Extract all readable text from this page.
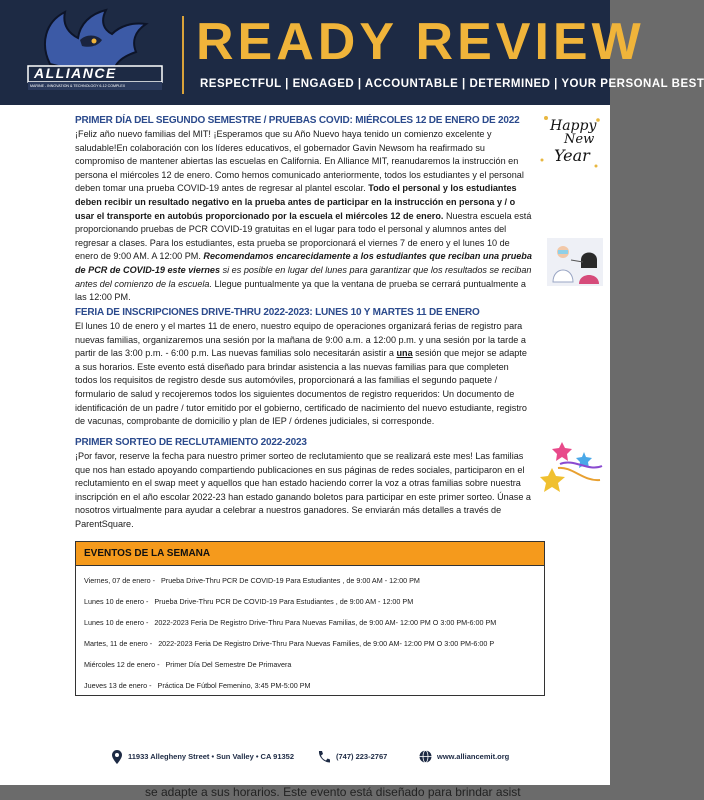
ALLIANCE
MARINE - INNOVATION & TECHNOLOGY 6-12 COMPLEX
READY REVIEW
RESPECTFUL | ENGAGED | ACCOUNTABLE | DETERMINED | YOUR PERSONAL BEST
Happy
New
Year
PRIMER DÍA DEL SEGUNDO SEMESTRE / PRUEBAS COVID: MIÉRCOLES 12 DE ENERO DE 2022
¡Feliz año nuevo familias del MIT! ¡Esperamos que su Año Nuevo haya tenido un comienzo excelente y saludable!En colaboración con los líderes educativos, el gobernador Gavin Newsom ha reafirmado su compromiso de mantener abiertas las escuelas en California. En Alliance MIT, reanudaremos la instrucción en persona el miércoles 12 de enero. Como hemos comunicado anteriormente, todos los estudiantes y el personal deben tomar una prueba COVID-19 antes de regresar al plantel escolar. Todo el personal y los estudiantes deben recibir un resultado negativo en la prueba antes de participar en la instrucción en persona y / o usar el transporte en autobús proporcionado por la escuela el miércoles 12 de enero. Nuestra escuela está proporcionando pruebas de PCR COVID-19 gratuitas en el lugar para todo el personal y alumnos antes del regresar a clases. Para los estudiantes, esta prueba se proporcionará el viernes 7 de enero y el lunes 10 de enero de 9:00 AM. A 12:00 PM. Recomendamos encarecidamente a los estudiantes que reciban una prueba de PCR de COVID-19 este viernes si es posible en lugar del lunes para garantizar que los resultados se reciban antes del comienzo de la escuela. Llegue puntualmente ya que la ventana de prueba se cerrará puntualmente a las 12:00 PM.
FERIA DE INSCRIPCIONES DRIVE-THRU 2022-2023: LUNES 10 Y MARTES 11 DE ENERO
El lunes 10 de enero y el martes 11 de enero, nuestro equipo de operaciones organizará ferias de registro para nuevas familias, organizaremos una sesión por la mañana de 9:00 a.m. a 12:00 p.m. y una sesión por la tarde a partir de las 3:00 p.m. - 6:00 p.m. Las nuevas familias solo necesitarán asistir a una sesión que mejor se adapte a sus horarios. Este evento está diseñado para brindar asistencia a las nuevas familias para que completen todos los requisitos de registro desde sus automóviles, proporcionará a las familias el segundo paquete / formulario de salud y recojeremos todos los siguientes documentos de registro requeridos: Un documento de identificación de un padre / tutor emitido por el gobierno, certificado de nacimiento del nuevo estudiante, registro de vacunas, comprobante de domicilio y plan de IEP / órdenes judiciales, si corresponde.
PRIMER SORTEO DE RECLUTAMIENTO 2022-2023
¡Por favor, reserve la fecha para nuestro primer sorteo de reclutamiento que se realizará este mes! Las familias que nos han estado apoyando compartiendo publicaciones en sus páginas de redes sociales, participaron en el reclutamiento en el swap meet y aquellos que han estado haciendo correr la voz a otras familias sobre nuestra inscripción en el año escolar 2022-23 han estado ganando boletos para participar en este primer sorteo. Únase a nosotros virtualmente para ayudar a celebrar a nuestros ganadores. Se enviarán más detalles a través de ParentSquare.
EVENTOS DE LA SEMANA
Viernes, 07 de enero - Prueba Drive-Thru PCR De COVID-19 Para Estudiantes , de 9:00 AM - 12:00 PM
Lunes 10 de enero - Prueba Drive-Thru PCR De COVID-19 Para Estudiantes , de 9:00 AM - 12:00 PM
Lunes 10 de enero - 2022-2023 Feria De Registro Drive-Thru Para Nuevas Familias, de 9:00 AM- 12:00 PM O 3:00 PM-6:00 PM
Martes, 11 de enero - 2022-2023 Feria De Registro Drive-Thru Para Nuevas Families, de 9:00 AM- 12:00 PM O 3:00 PM-6:00 P
Miércoles 12 de enero - Primer Día Del Semestre De Primavera
Jueves 13 de enero - Práctica De Fútbol Femenino, 3:45 PM-5:00 PM
11933 Allegheny Street • Sun Valley • CA 91352	(747) 223-2767	www.alliancemit.org
se adapte a sus horarios. Este evento está diseñado para brindar asist
